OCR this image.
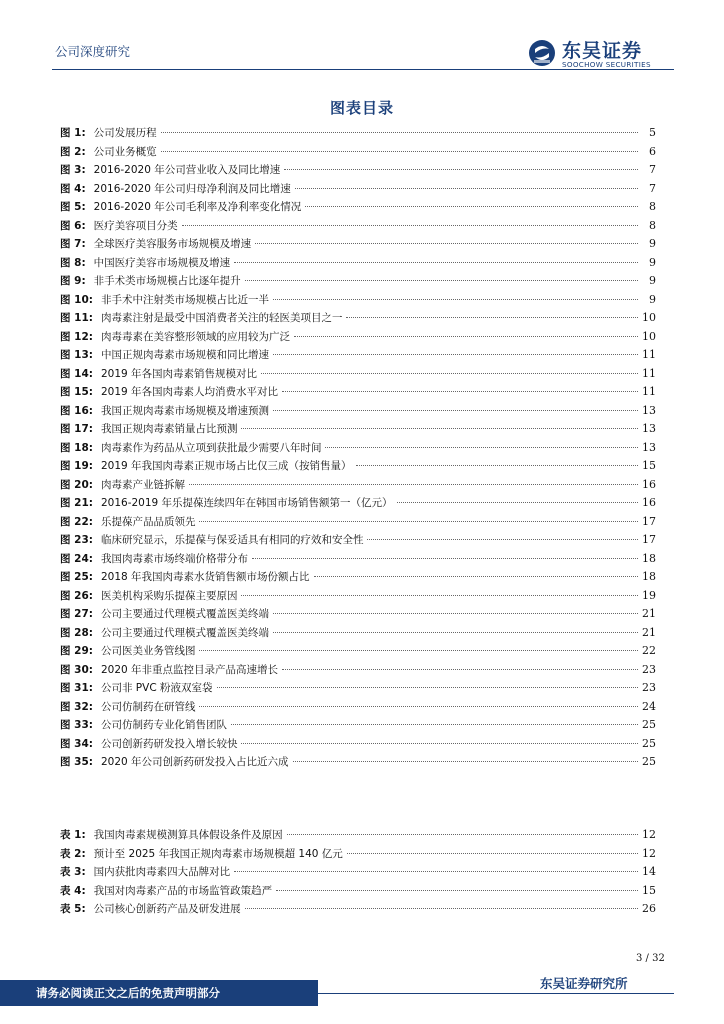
公司深度研究	东吴证券
SOOCHOW SECURITIES
图表目录
图 1: 公司发展历程	5
图 2: 公司业务概览	6
图 3: 2016-2020 年公司营业收入及同比增速	7
图 4: 2016-2020 年公司归母净利润及同比增速	7
图 5: 2016-2020 年公司毛利率及净利率变化情况	8
图 6: 医疗美容项目分类	8
图 7: 全球医疗美容服务市场规模及增速	9
图 8: 中国医疗美容市场规模及增速	9
图 9: 非手术类市场规模占比逐年提升	9
图 10: 非手术中注射类市场规模占比近一半	9
图 11: 肉毒素注射是最受中国消费者关注的轻医美项目之一	10
图 12: 肉毒毒素在美容整形领域的应用较为广泛	10
图 13: 中国正规肉毒素市场规模和同比增速	11
图 14: 2019 年各国肉毒素销售规模对比	11
图 15: 2019 年各国肉毒素人均消费水平对比	11
图 16: 我国正规肉毒素市场规模及增速预测	13
图 17: 我国正规肉毒素销量占比预测	13
图 18: 肉毒素作为药品从立项到获批最少需要八年时间	13
图 19: 2019 年我国肉毒素正规市场占比仅三成（按销售量）	15
图 20: 肉毒素产业链拆解	16
图 21: 2016-2019 年乐提葆连续四年在韩国市场销售额第一（亿元）	16
图 22: 乐提葆产品品质领先	17
图 23: 临床研究显示，乐提葆与保妥适具有相同的疗效和安全性	17
图 24: 我国肉毒素市场终端价格带分布	18
图 25: 2018 年我国肉毒素水货销售额市场份额占比	18
图 26: 医美机构采购乐提葆主要原因	19
图 27: 公司主要通过代理模式覆盖医美终端	21
图 28: 公司主要通过代理模式覆盖医美终端	21
图 29: 公司医美业务管线图	22
图 30: 2020 年非重点监控目录产品高速增长	23
图 31: 公司非 PVC 粉液双室袋	23
图 32: 公司仿制药在研管线	24
图 33: 公司仿制药专业化销售团队	25
图 34: 公司创新药研发投入增长较快	25
图 35: 2020 年公司创新药研发投入占比近六成	25
表 1: 我国肉毒素规模测算具体假设条件及原因	12
表 2: 预计至 2025 年我国正规肉毒素市场规模超 140 亿元	12
表 3: 国内获批肉毒素四大品牌对比	14
表 4: 我国对肉毒素产品的市场监管政策趋严	15
表 5: 公司核心创新药产品及研发进展	26
3 / 32
请务必阅读正文之后的免责声明部分
东吴证券研究所
